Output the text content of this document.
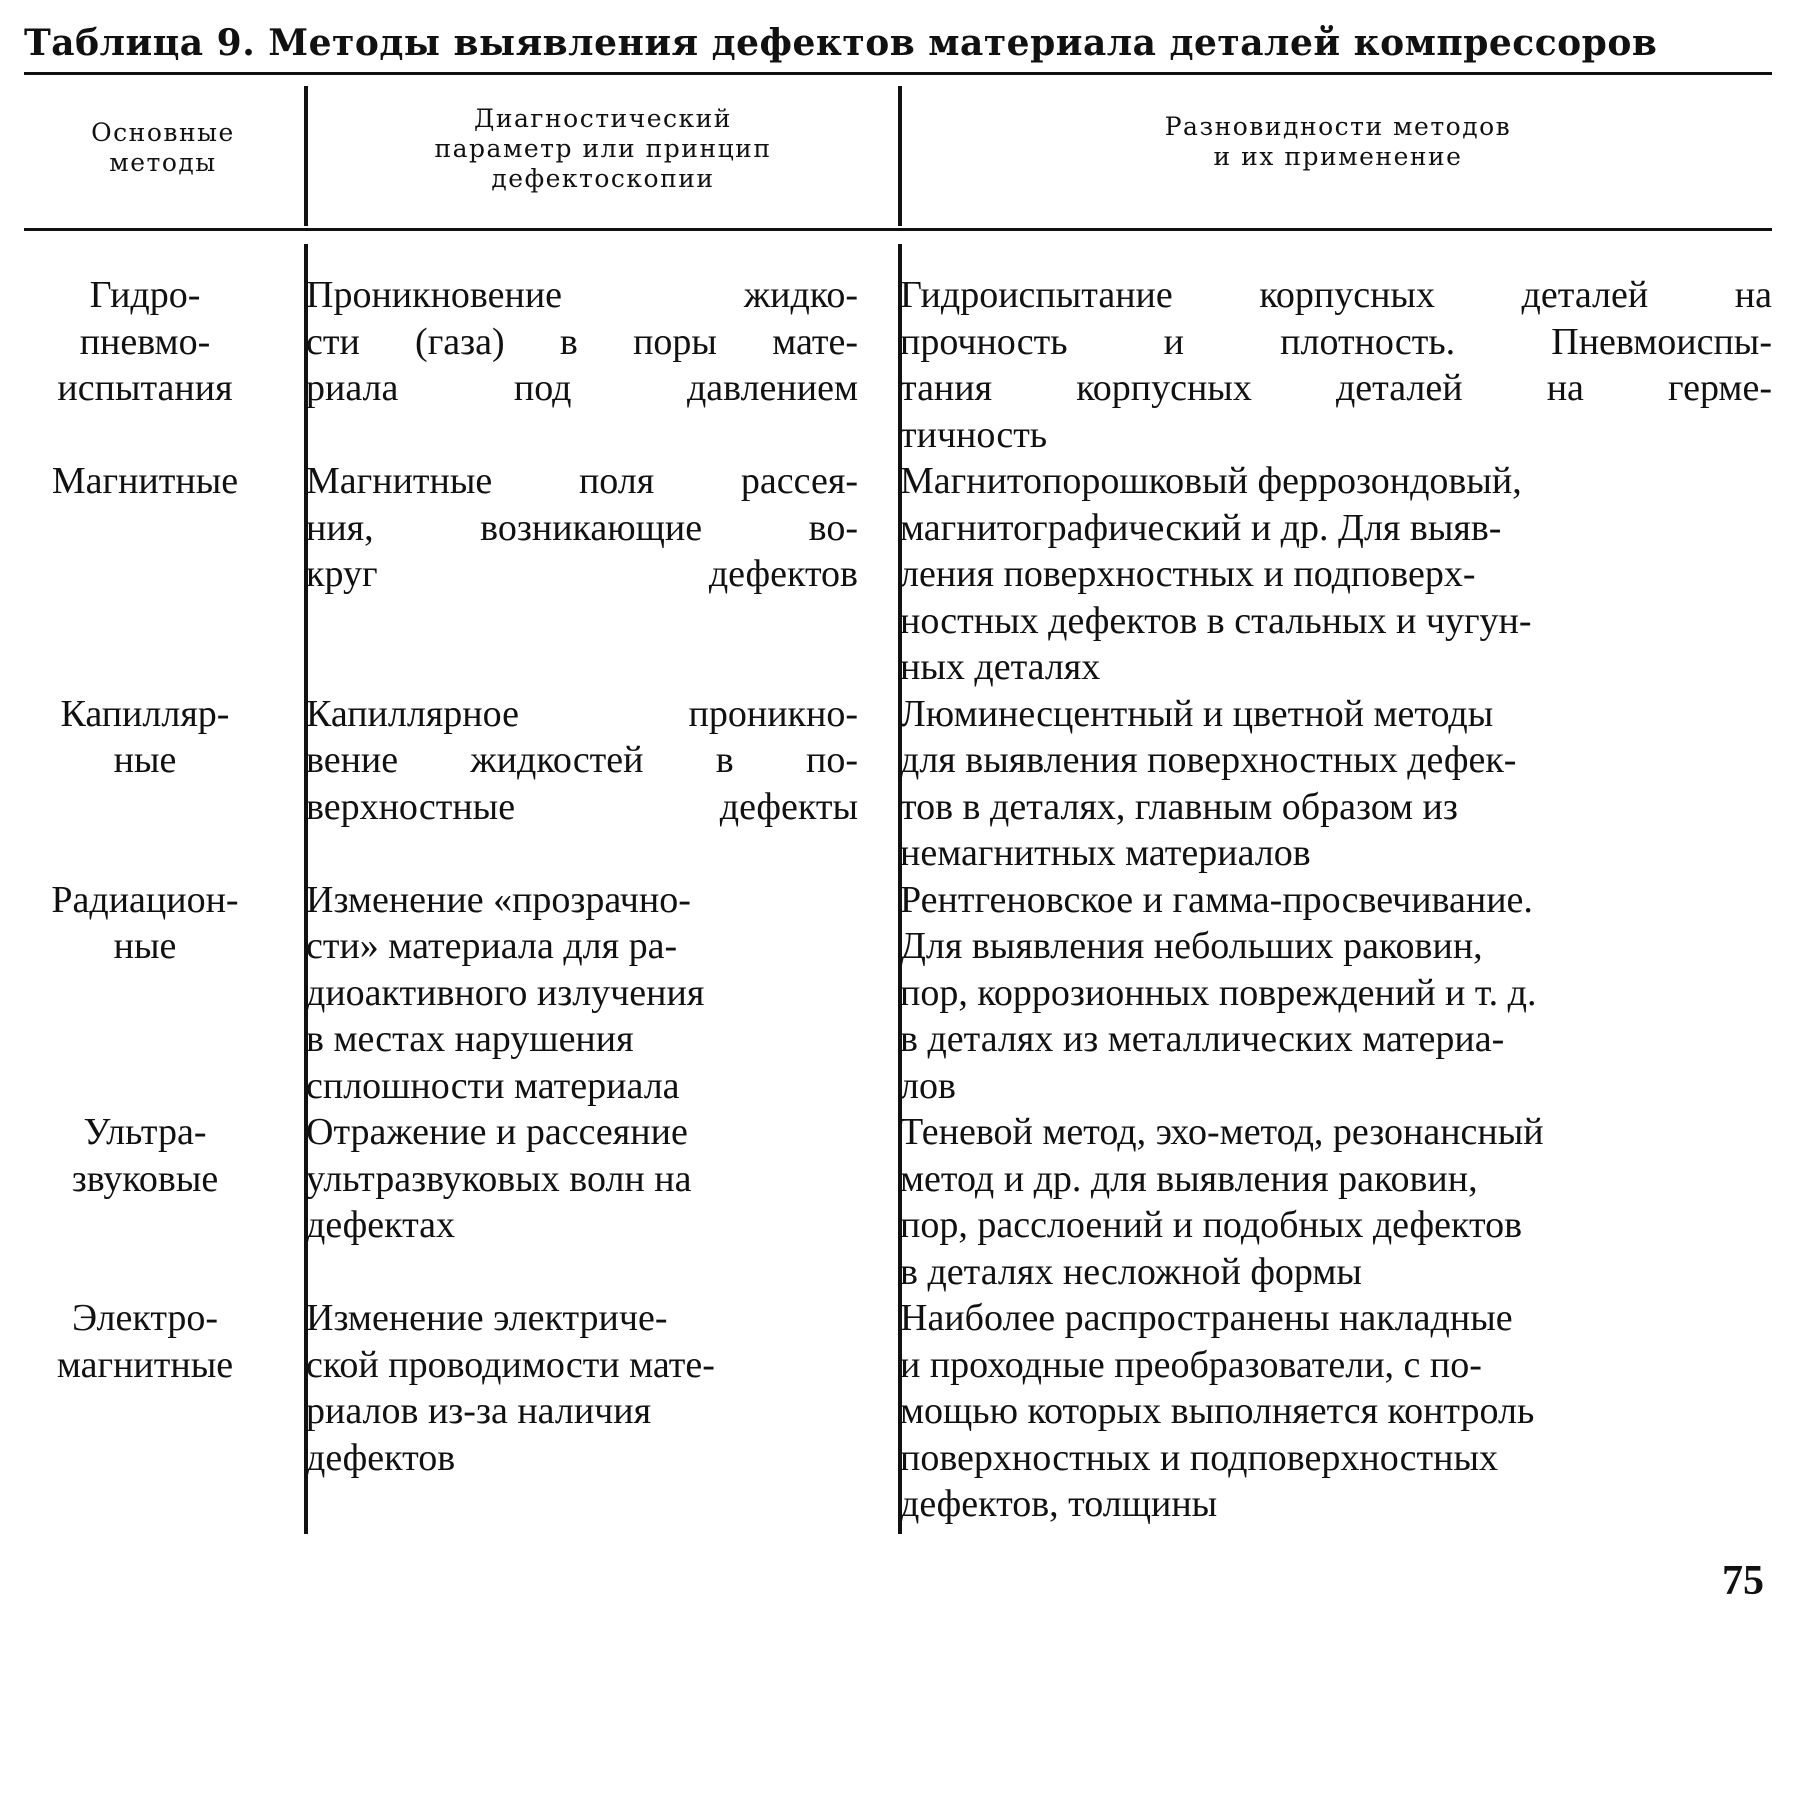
Таблица 9. Методы выявления дефектов материала деталей компрессоров
Основные
методы
Диагностический
параметр или принцип
дефектоскопии
Разновидности методов
и их применение
Гидро-
пневмо-
испытания
Проникновение жидко-
сти (газа) в поры мате-
риала под давлением
Гидроиспытание корпусных деталей на
прочность и плотность. Пневмоиспы-
тания корпусных деталей на герме-
тичность
Магнитные	Магнитные поля рассея-
ния, возникающие во-
круг дефектов
Магнитопорошковый феррозондовый,
магнитографический и др. Для выяв-
ления поверхностных и подповерх-
ностных дефектов в стальных и чугун-
ных деталях
Капилляр-
ные
Капиллярное проникно-
вение жидкостей в по-
верхностные дефекты
Люминесцентный и цветной методы
для выявления поверхностных дефек-
тов в деталях, главным образом из
немагнитных материалов
Радиацион-
ные
Изменение «прозрачно-
сти» материала для ра-
диоактивного излучения
в местах нарушения
сплошности материала
Рентгеновское и гамма-просвечивание.
Для выявления небольших раковин,
пор, коррозионных повреждений и т. д.
в деталях из металлических материа-
лов
Ультра-
звуковые
Отражение и рассеяние
ультразвуковых волн на
дефектах
Теневой метод, эхо-метод, резонансный
метод и др. для выявления раковин,
пор, расслоений и подобных дефектов
в деталях несложной формы
Электро-
магнитные
Изменение электриче-
ской проводимости мате-
риалов из-за наличия
дефектов
Наиболее распространены накладные
и проходные преобразователи, с по-
мощью которых выполняется контроль
поверхностных и подповерхностных
дефектов, толщины

75
